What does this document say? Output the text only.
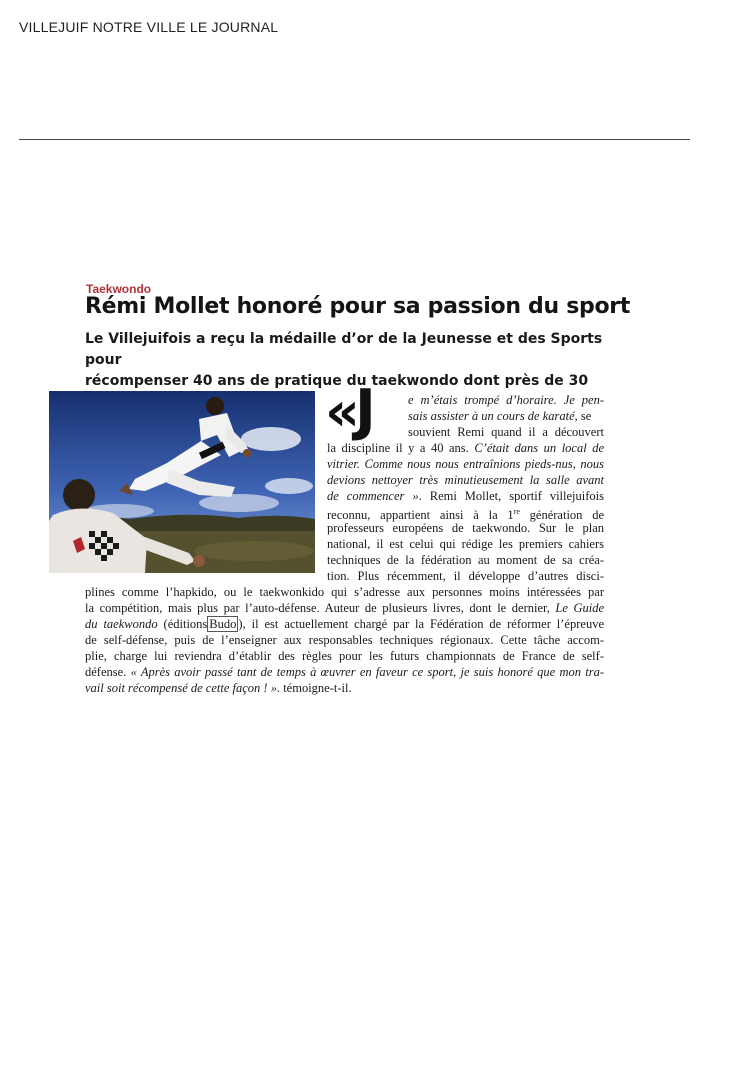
VILLEJUIF NOTRE VILLE LE JOURNAL
Taekwondo
Rémi Mollet honoré pour sa passion du sport
Le Villejuifois a reçu la médaille d’or de la Jeunesse et des Sports pour
récompenser 40 ans de pratique du taekwondo dont près de 30
«
J	e m’étais trompé d’horaire. Je pen-
sais assister à un cours de karaté, se
souvient Remi quand il a découvert
la discipline il y a 40 ans. C’était dans un local de
vitrier. Comme nous nous entraînions pieds-nus, nous
devions nettoyer très minutieusement la salle avant
de commencer ». Remi Mollet, sportif villejuifois
reconnu, appartient ainsi à la 1re génération de
professeurs européens de taekwondo. Sur le plan
national, il est celui qui rédige les premiers cahiers
techniques de la fédération au moment de sa créa-
tion. Plus récemment, il développe d’autres disci-
plines comme l’hapkido, ou le taekwonkido qui s’adresse aux personnes moins intéressées par
la compétition, mais plus par l’auto-défense. Auteur de plusieurs livres, dont le dernier, Le Guide
du taekwondo (éditions Budo ), il est actuellement chargé par la Fédération de réformer l’épreuve
de self-défense, puis de l’enseigner aux responsables techniques régionaux. Cette tâche accom-
plie, charge lui reviendra d’établir des règles pour les futurs championnats de France de self-
défense. « Après avoir passé tant de temps à œuvrer en faveur ce sport, je suis honoré que mon tra-
vail soit récompensé de cette façon ! ». témoigne-t-il.
